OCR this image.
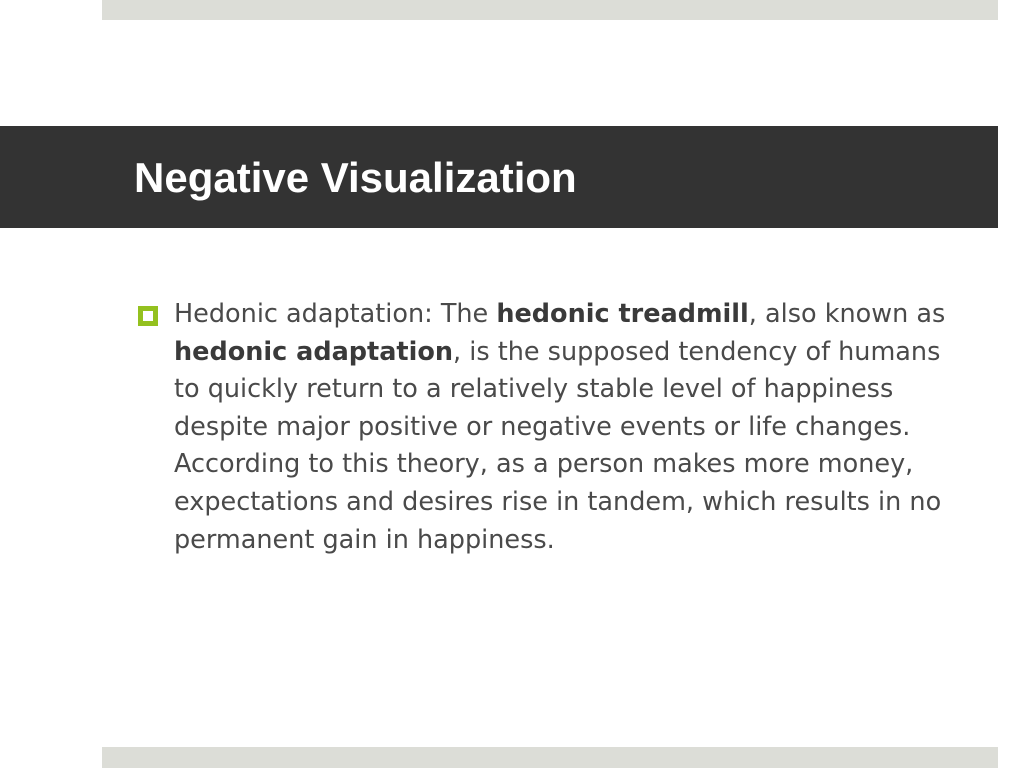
Negative Visualization
Hedonic adaptation: The hedonic treadmill, also known as hedonic adaptation, is the supposed tendency of humans to quickly return to a relatively stable level of happiness despite major positive or negative events or life changes. According to this theory, as a person makes more money, expectations and desires rise in tandem, which results in no permanent gain in happiness.
